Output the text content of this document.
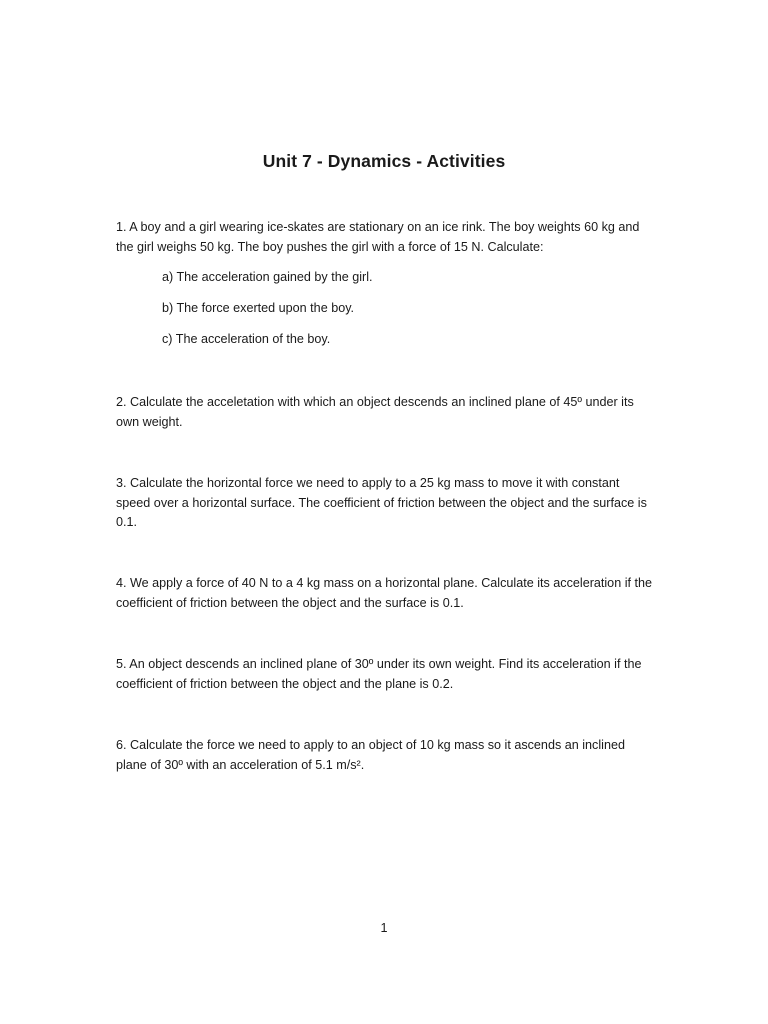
Unit 7 - Dynamics - Activities

1. A boy and a girl wearing ice-skates are stationary on an ice rink. The boy weights 60 kg and the girl weighs 50 kg. The boy pushes the girl with a force of 15 N. Calculate:

a) The acceleration gained by the girl.

b) The force exerted upon the boy.

c) The acceleration of the boy.

2. Calculate the acceletation with which an object descends an inclined plane of 45º under its own weight.

3. Calculate the horizontal force we need to apply to a 25 kg mass to move it with constant speed over a horizontal surface. The coefficient of friction between the object and the surface is 0.1.

4. We apply a force of 40 N to a 4 kg mass on a horizontal plane. Calculate its acceleration if the coefficient of friction between the object and the surface is 0.1.

5. An object descends an inclined plane of 30º under its own weight. Find its acceleration if the coefficient of friction between the object and the plane is 0.2.

6. Calculate the force we need to apply to an object of 10 kg mass so it ascends an inclined plane of 30º with an acceleration of 5.1 m/s².

1
